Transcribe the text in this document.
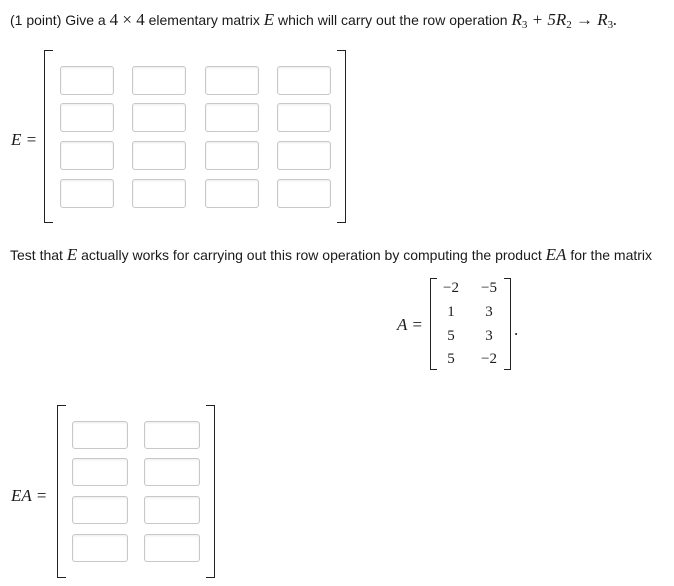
(1 point) Give a 4 × 4 elementary matrix E which will carry out the row operation $R_3 + 5R_2 \to R_3$.
E =
Test that E actually works for carrying out this row operation by computing the product EA for the matrix
A =
−2	−5
1	3
5	3
5	−2
.
EA =
